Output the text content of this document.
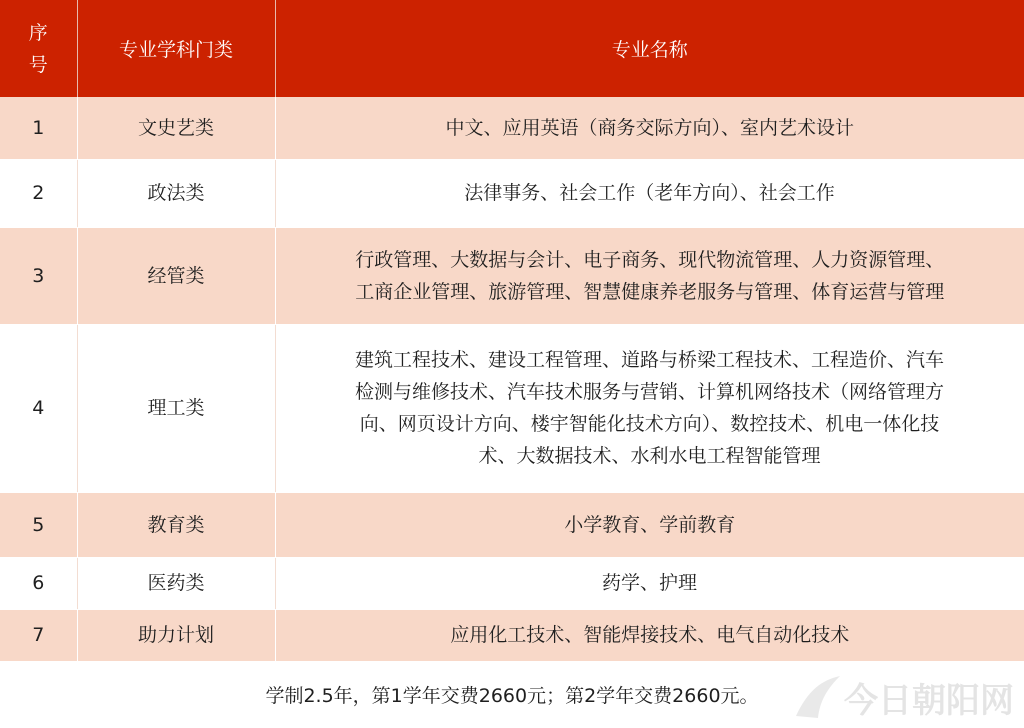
序
号	专业学科门类	专业名称
1	文史艺类	中文、应用英语（商务交际方向）、室内艺术设计

2	政法类	法律事务、社会工作（老年方向）、社会工作

3	经管类	行政管理、大数据与会计、电子商务、现代物流管理、人力资源管理、
工商企业管理、旅游管理、智慧健康养老服务与管理、体育运营与管理

4	理工类	建筑工程技术、建设工程管理、道路与桥梁工程技术、工程造价、汽车
检测与维修技术、汽车技术服务与营销、计算机网络技术（网络管理方
向、网页设计方向、楼宇智能化技术方向）、数控技术、机电一体化技
术、大数据技术、水利水电工程智能管理

5	教育类	小学教育、学前教育

6	医药类	药学、护理

7	助力计划	应用化工技术、智能焊接技术、电气自动化技术
学制2.5年，第1学年交费2660元；第2学年交费2660元。	今日朝阳网
